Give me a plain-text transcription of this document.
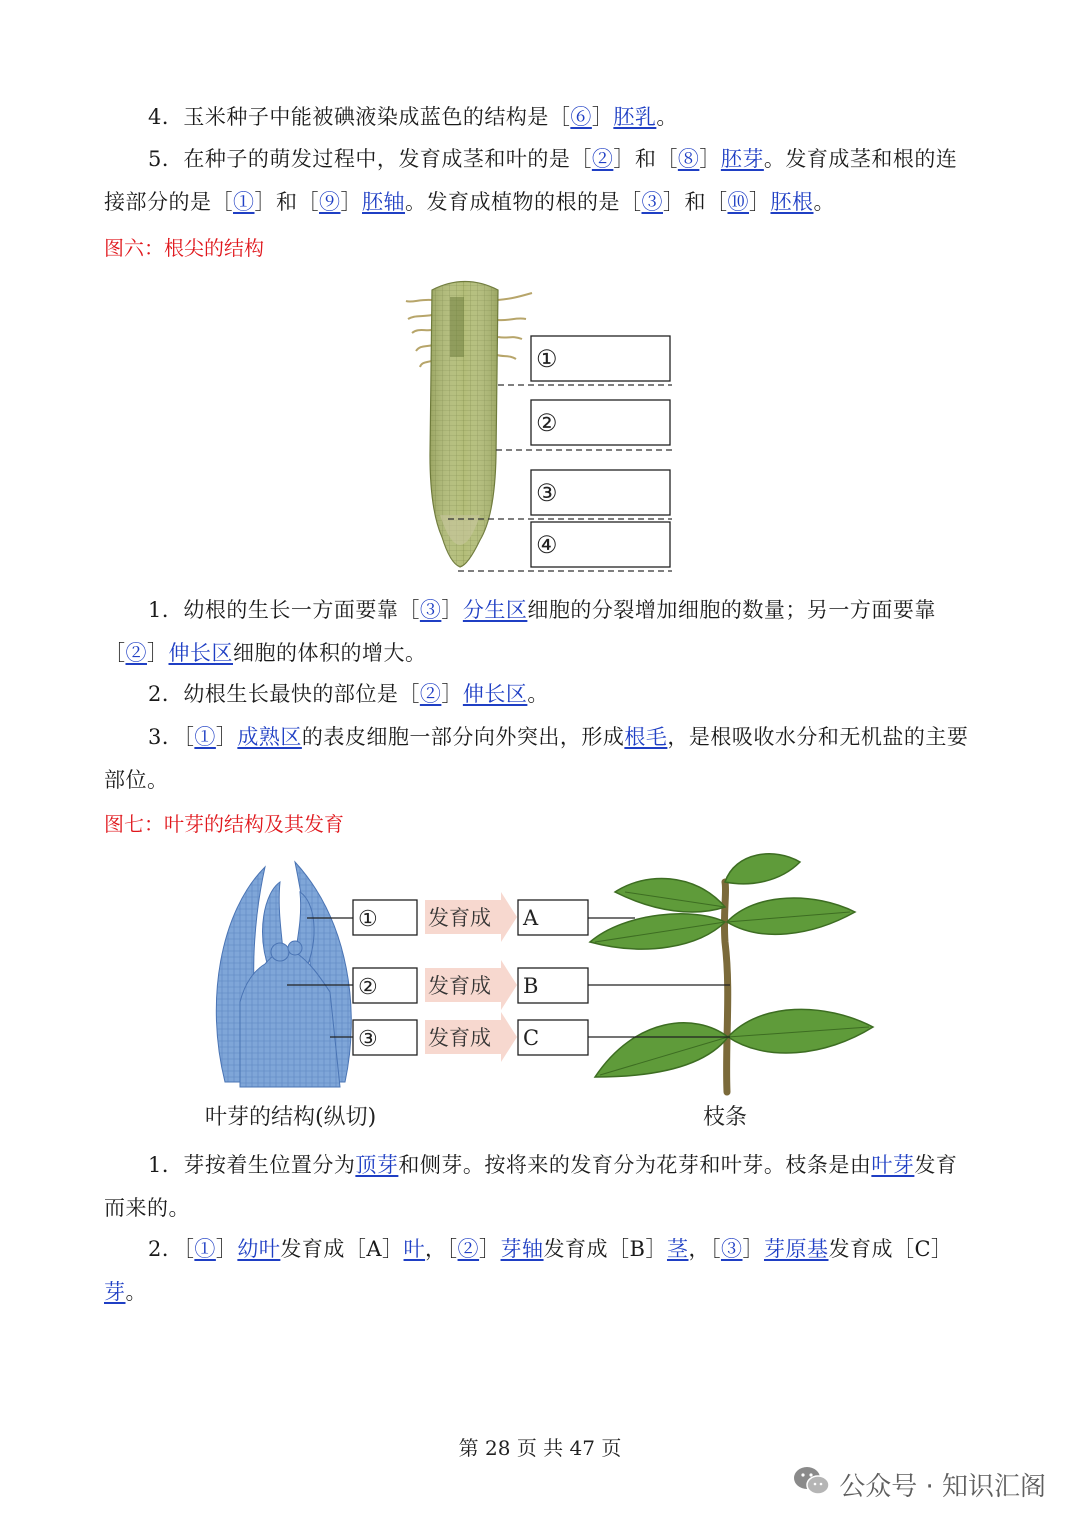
4．玉米种子中能被碘液染成蓝色的结构是［⑥］胚乳。

5．在种子的萌发过程中，发育成茎和叶的是［②］和［⑧］胚芽。发育成茎和根的连接部分的是［①］和［⑨］胚轴。发育成植物的根的是［③］和［⑩］胚根。

图六：根尖的结构

①
②
③
④

1．幼根的生长一方面要靠［③］分生区细胞的分裂增加细胞的数量；另一方面要靠［②］伸长区细胞的体积的增大。

2．幼根生长最快的部位是［②］伸长区。

3．［①］成熟区的表皮细胞一部分向外突出，形成根毛，是根吸收水分和无机盐的主要部位。

图七：叶芽的结构及其发育

①
②
③
发育成
发育成
发育成
A
B
C
叶芽的结构(纵切)	枝条

1．芽按着生位置分为顶芽和侧芽。按将来的发育分为花芽和叶芽。枝条是由叶芽发育而来的。

2．［①］幼叶发育成［A］叶，［②］芽轴发育成［B］茎，［③］芽原基发育成［C］芽。

第 28 页 共 47 页
公众号 · 知识汇阁
